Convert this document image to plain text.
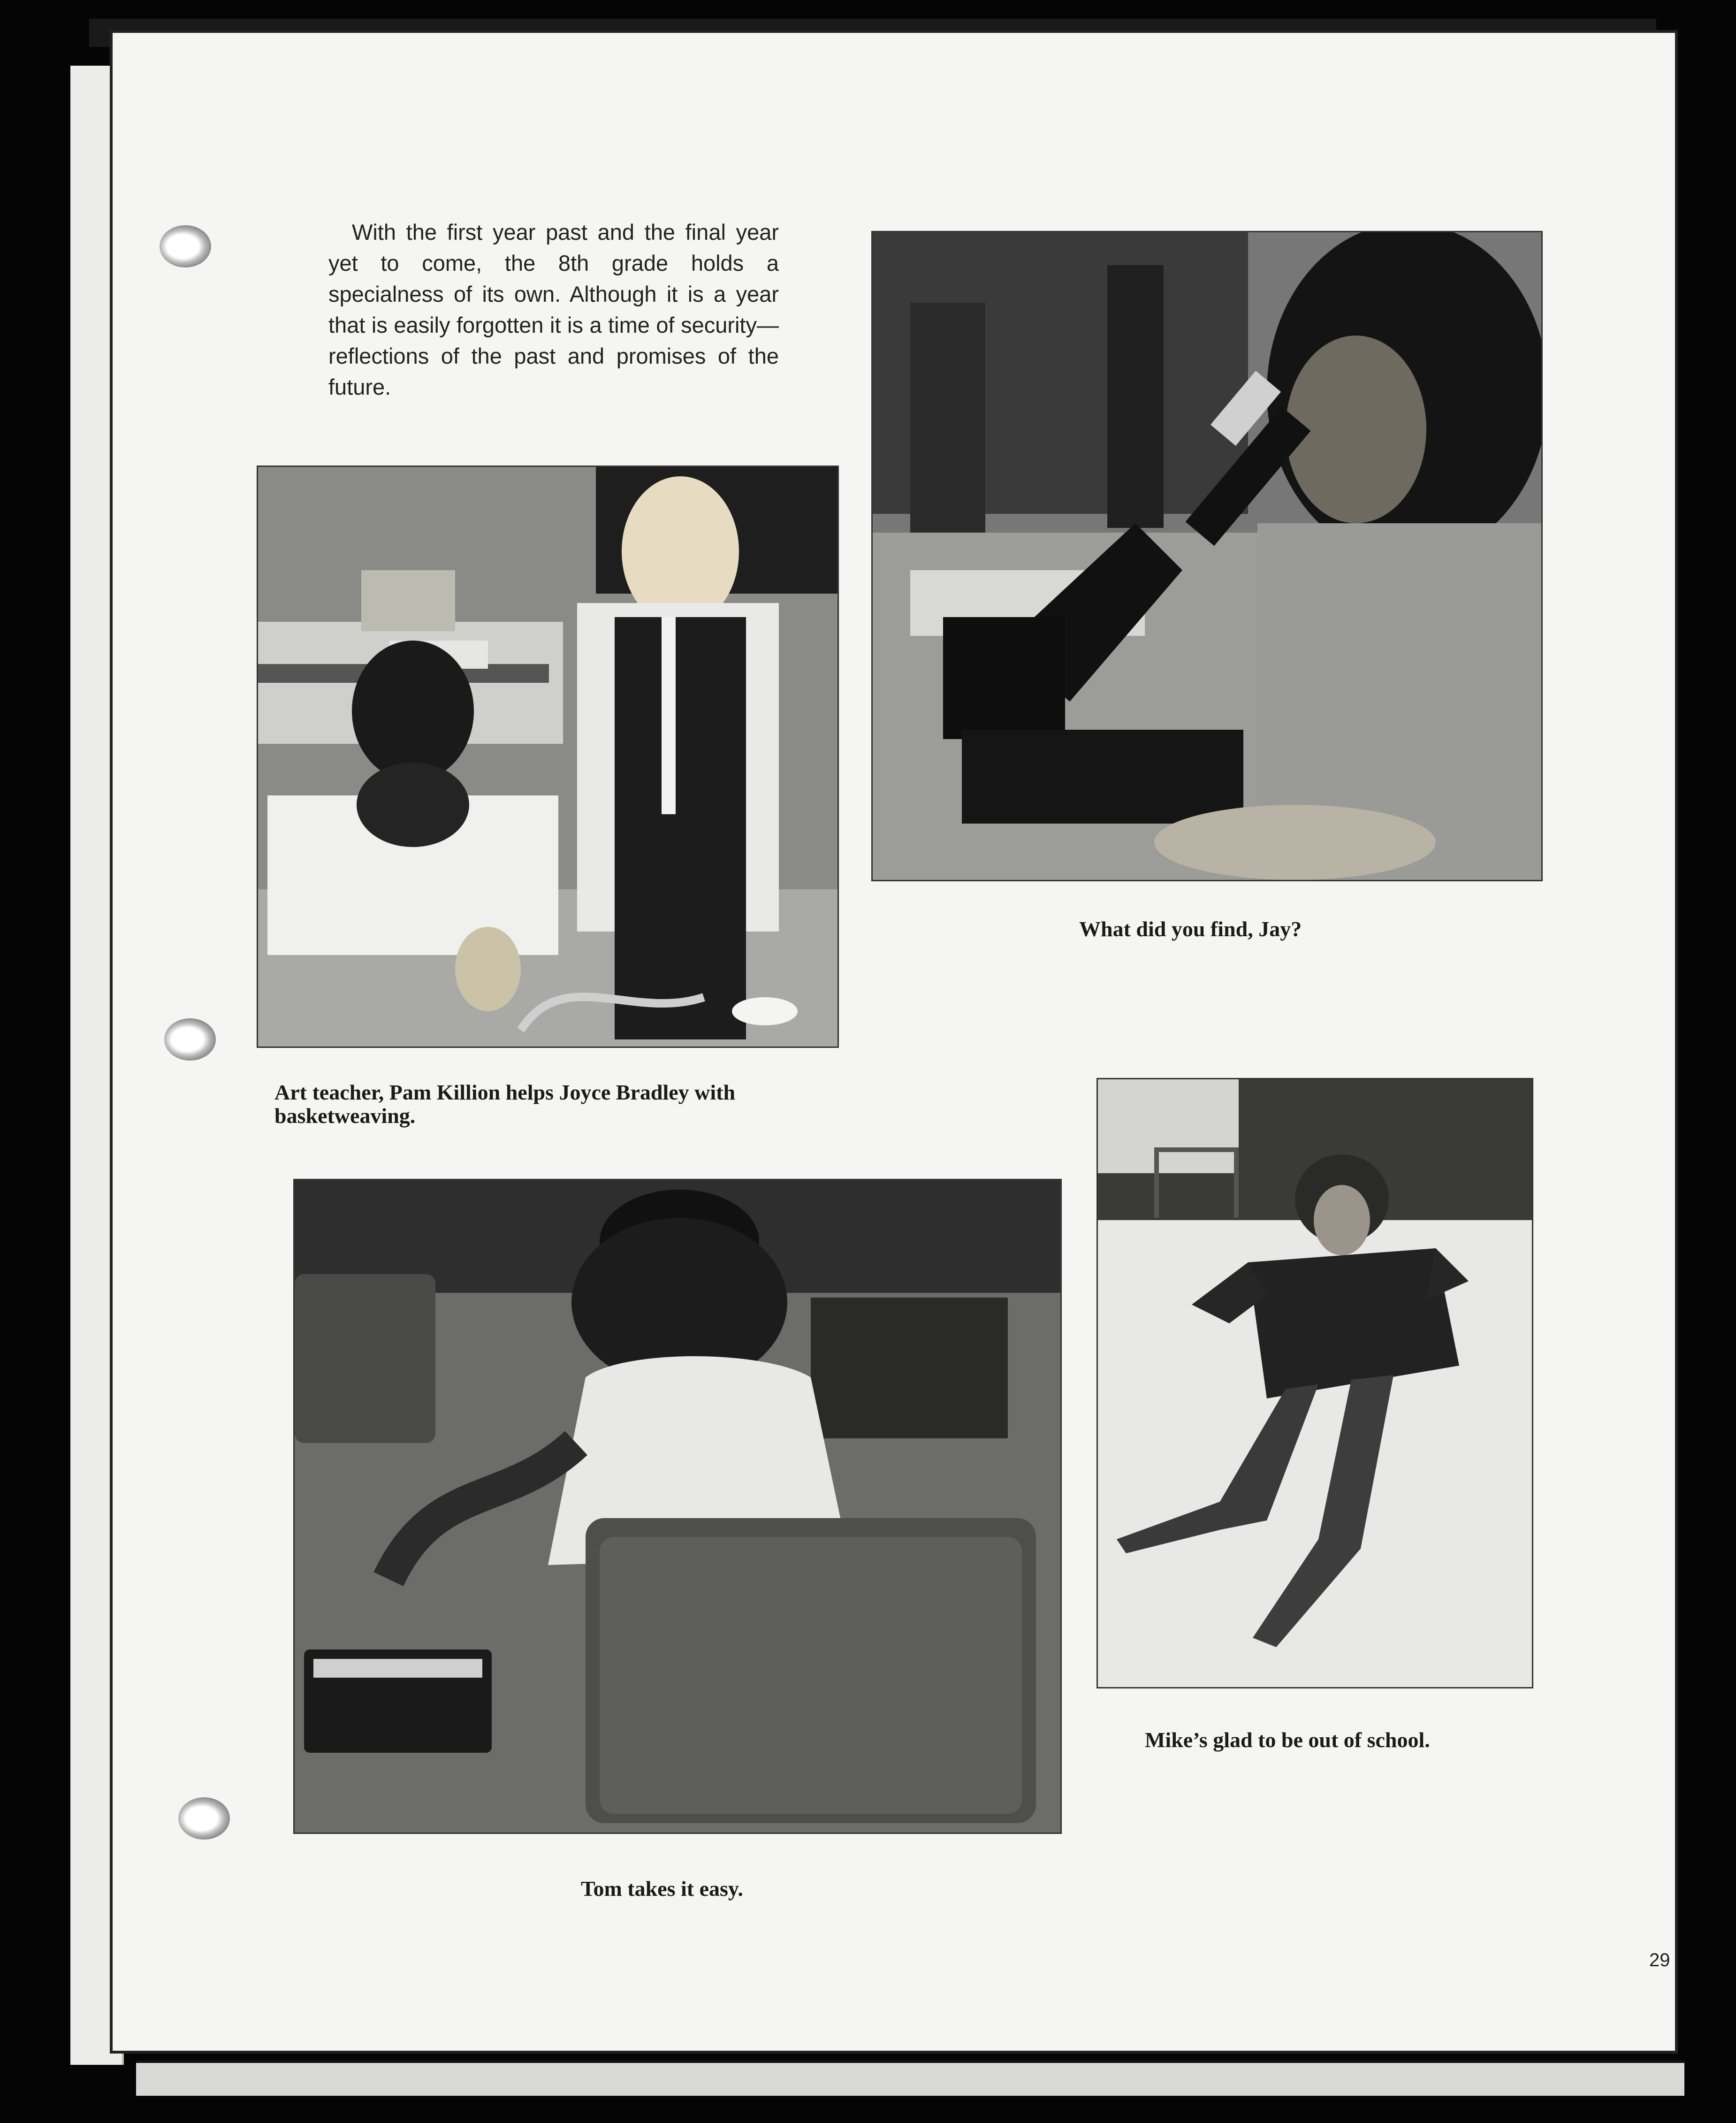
With the first year past and the final year yet to come, the 8th grade holds a specialness of its own. Although it is a year that is easily forgotten it is a time of security—reflections of the past and promises of the future.
Art teacher, Pam Killion helps Joyce Bradley with basketweaving.
What did you find, Jay?
Tom takes it easy.
Mike’s glad to be out of school.
29
